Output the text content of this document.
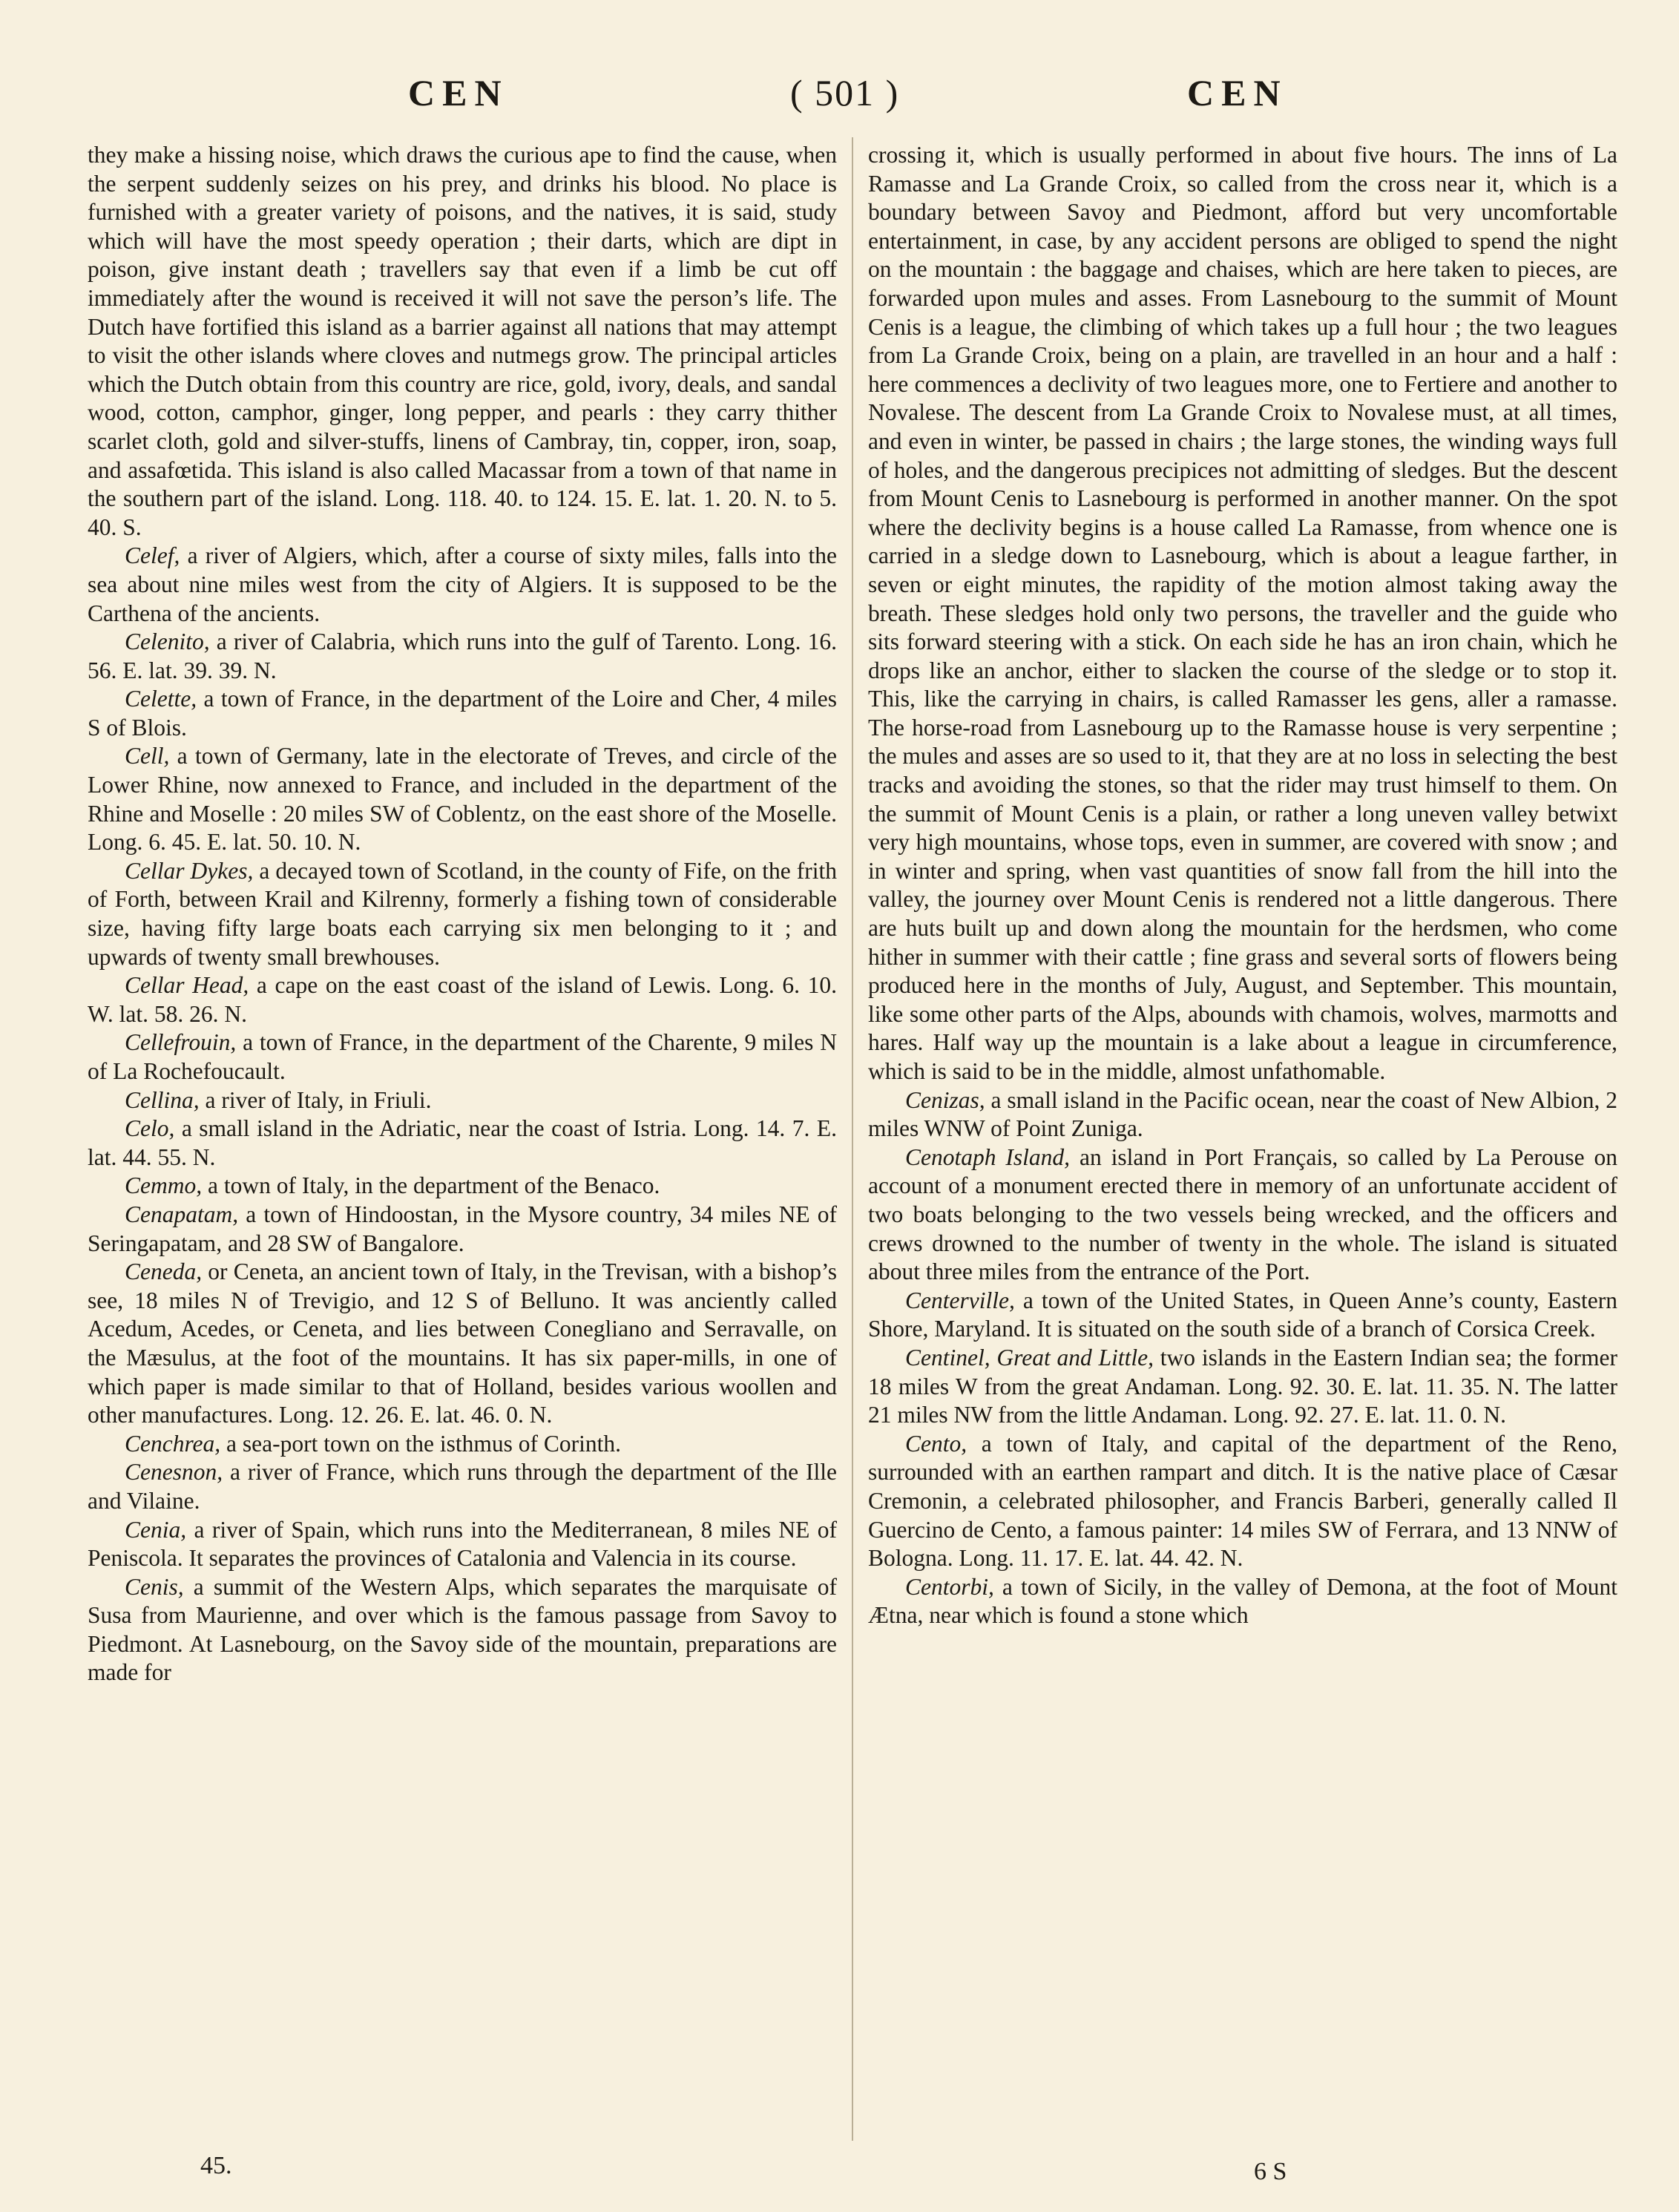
CEN	( 501 )	CEN

they make a hissing noise, which draws the curious ape to find the cause, when the serpent suddenly seizes on his prey, and drinks his blood. No place is furnished with a greater variety of poisons, and the natives, it is said, study which will have the most speedy operation ; their darts, which are dipt in poison, give instant death ; travellers say that even if a limb be cut off immediately after the wound is received it will not save the person’s life. The Dutch have fortified this island as a barrier against all nations that may attempt to visit the other islands where cloves and nutmegs grow. The principal articles which the Dutch obtain from this country are rice, gold, ivory, deals, and sandal wood, cotton, camphor, ginger, long pepper, and pearls : they carry thither scarlet cloth, gold and silver-stuffs, linens of Cambray, tin, copper, iron, soap, and assafœtida. This island is also called Macassar from a town of that name in the southern part of the island. Long. 118. 40. to 124. 15. E. lat. 1. 20. N. to 5. 40. S.

Celef, a river of Algiers, which, after a course of sixty miles, falls into the sea about nine miles west from the city of Algiers. It is supposed to be the Carthena of the ancients.

Celenito, a river of Calabria, which runs into the gulf of Tarento. Long. 16. 56. E. lat. 39. 39. N.

Celette, a town of France, in the department of the Loire and Cher, 4 miles S of Blois.

Cell, a town of Germany, late in the electorate of Treves, and circle of the Lower Rhine, now annexed to France, and included in the department of the Rhine and Moselle : 20 miles SW of Coblentz, on the east shore of the Moselle. Long. 6. 45. E. lat. 50. 10. N.

Cellar Dykes, a decayed town of Scotland, in the county of Fife, on the frith of Forth, between Krail and Kilrenny, formerly a fishing town of considerable size, having fifty large boats each carrying six men belonging to it ; and upwards of twenty small brewhouses.

Cellar Head, a cape on the east coast of the island of Lewis. Long. 6. 10. W. lat. 58. 26. N.

Cellefrouin, a town of France, in the department of the Charente, 9 miles N of La Rochefoucault.

Cellina, a river of Italy, in Friuli.

Celo, a small island in the Adriatic, near the coast of Istria. Long. 14. 7. E. lat. 44. 55. N.

Cemmo, a town of Italy, in the department of the Benaco.

Cenapatam, a town of Hindoostan, in the Mysore country, 34 miles NE of Seringapatam, and 28 SW of Bangalore.

Ceneda, or Ceneta, an ancient town of Italy, in the Trevisan, with a bishop’s see, 18 miles N of Trevigio, and 12 S of Belluno. It was anciently called Acedum, Acedes, or Ceneta, and lies between Conegliano and Serravalle, on the Mæsulus, at the foot of the mountains. It has six paper-mills, in one of which paper is made similar to that of Holland, besides various woollen and other manufactures. Long. 12. 26. E. lat. 46. 0. N.

Cenchrea, a sea-port town on the isthmus of Corinth.

Cenesnon, a river of France, which runs through the department of the Ille and Vilaine.

Cenia, a river of Spain, which runs into the Mediterranean, 8 miles NE of Peniscola. It separates the provinces of Catalonia and Valencia in its course.

Cenis, a summit of the Western Alps, which separates the marquisate of Susa from Maurienne, and over which is the famous passage from Savoy to Piedmont. At Lasnebourg, on the Savoy side of the mountain, preparations are made for

crossing it, which is usually performed in about five hours. The inns of La Ramasse and La Grande Croix, so called from the cross near it, which is a boundary between Savoy and Piedmont, afford but very uncomfortable entertainment, in case, by any accident persons are obliged to spend the night on the mountain : the baggage and chaises, which are here taken to pieces, are forwarded upon mules and asses. From Lasnebourg to the summit of Mount Cenis is a league, the climbing of which takes up a full hour ; the two leagues from La Grande Croix, being on a plain, are travelled in an hour and a half : here commences a declivity of two leagues more, one to Fertiere and another to Novalese. The descent from La Grande Croix to Novalese must, at all times, and even in winter, be passed in chairs ; the large stones, the winding ways full of holes, and the dangerous precipices not admitting of sledges. But the descent from Mount Cenis to Lasnebourg is performed in another manner. On the spot where the declivity begins is a house called La Ramasse, from whence one is carried in a sledge down to Lasnebourg, which is about a league farther, in seven or eight minutes, the rapidity of the motion almost taking away the breath. These sledges hold only two persons, the traveller and the guide who sits forward steering with a stick. On each side he has an iron chain, which he drops like an anchor, either to slacken the course of the sledge or to stop it. This, like the carrying in chairs, is called Ramasser les gens, aller a ramasse. The horse-road from Lasnebourg up to the Ramasse house is very serpentine ; the mules and asses are so used to it, that they are at no loss in selecting the best tracks and avoiding the stones, so that the rider may trust himself to them. On the summit of Mount Cenis is a plain, or rather a long uneven valley betwixt very high mountains, whose tops, even in summer, are covered with snow ; and in winter and spring, when vast quantities of snow fall from the hill into the valley, the journey over Mount Cenis is rendered not a little dangerous. There are huts built up and down along the mountain for the herdsmen, who come hither in summer with their cattle ; fine grass and several sorts of flowers being produced here in the months of July, August, and September. This mountain, like some other parts of the Alps, abounds with chamois, wolves, marmotts and hares. Half way up the mountain is a lake about a league in circumference, which is said to be in the middle, almost unfathomable.

Cenizas, a small island in the Pacific ocean, near the coast of New Albion, 2 miles WNW of Point Zuniga.

Cenotaph Island, an island in Port Français, so called by La Perouse on account of a monument erected there in memory of an unfortunate accident of two boats belonging to the two vessels being wrecked, and the officers and crews drowned to the number of twenty in the whole. The island is situated about three miles from the entrance of the Port.

Centerville, a town of the United States, in Queen Anne’s county, Eastern Shore, Maryland. It is situated on the south side of a branch of Corsica Creek.

Centinel, Great and Little, two islands in the Eastern Indian sea; the former 18 miles W from the great Andaman. Long. 92. 30. E. lat. 11. 35. N. The latter 21 miles NW from the little Andaman. Long. 92. 27. E. lat. 11. 0. N.

Cento, a town of Italy, and capital of the department of the Reno, surrounded with an earthen rampart and ditch. It is the native place of Cæsar Cremonin, a celebrated philosopher, and Francis Barberi, generally called Il Guercino de Cento, a famous painter: 14 miles SW of Ferrara, and 13 NNW of Bologna. Long. 11. 17. E. lat. 44. 42. N.

Centorbi, a town of Sicily, in the valley of Demona, at the foot of Mount Ætna, near which is found a stone which

45.	6 S
